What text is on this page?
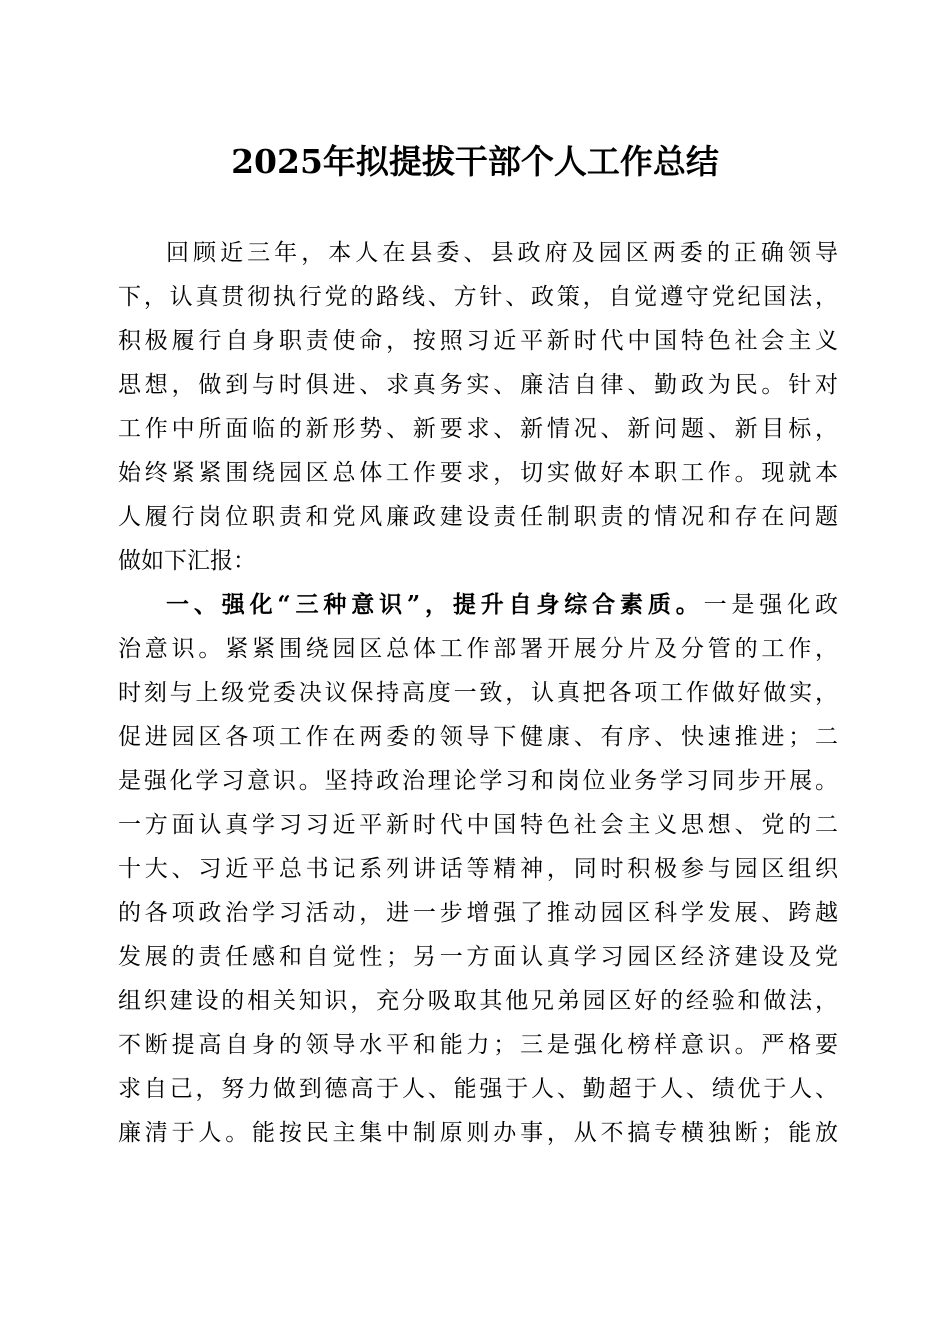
2025年拟提拔干部个人工作总结
回顾近三年，本人在县委、县政府及园区两委的正确领导
下，认真贯彻执行党的路线、方针、政策，自觉遵守党纪国法，
积极履行自身职责使命，按照习近平新时代中国特色社会主义
思想，做到与时俱进、求真务实、廉洁自律、勤政为民。针对
工作中所面临的新形势、新要求、新情况、新问题、新目标，
始终紧紧围绕园区总体工作要求，切实做好本职工作。现就本
人履行岗位职责和党风廉政建设责任制职责的情况和存在问题
做如下汇报：
一、强化“三种意识”，提升自身综合素质。一是强化政
治意识。紧紧围绕园区总体工作部署开展分片及分管的工作，
时刻与上级党委决议保持高度一致，认真把各项工作做好做实，
促进园区各项工作在两委的领导下健康、有序、快速推进；二
是强化学习意识。坚持政治理论学习和岗位业务学习同步开展。
一方面认真学习习近平新时代中国特色社会主义思想、党的二
十大、习近平总书记系列讲话等精神，同时积极参与园区组织
的各项政治学习活动，进一步增强了推动园区科学发展、跨越
发展的责任感和自觉性；另一方面认真学习园区经济建设及党
组织建设的相关知识，充分吸取其他兄弟园区好的经验和做法，
不断提高自身的领导水平和能力；三是强化榜样意识。严格要
求自己，努力做到德高于人、能强于人、勤超于人、绩优于人、
廉清于人。能按民主集中制原则办事，从不搞专横独断；能放
